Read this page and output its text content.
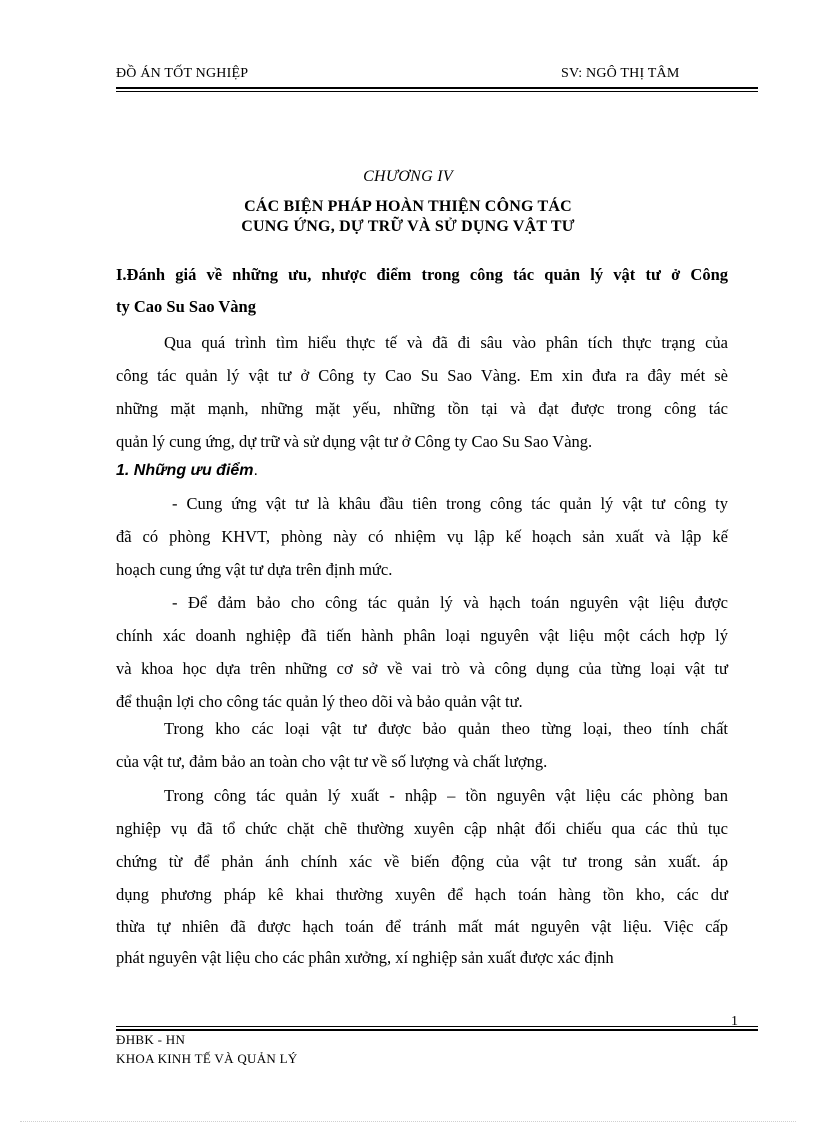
ĐỒ ÁN TỐT NGHIỆP	SV: NGÔ THỊ TÂM
CHƯƠNG IV
CÁC BIỆN PHÁP HOÀN THIỆN CÔNG TÁC
CUNG ỨNG, DỰ TRỮ VÀ SỬ DỤNG VẬT TƯ
I.Đánh giá về những ưu, nhược điểm trong công tác quản lý vật tư ở Công
ty Cao Su Sao Vàng
Qua quá trình tìm hiểu thực tế và đã đi sâu vào phân tích thực trạng của
công tác quản lý vật tư ở Công ty Cao Su Sao Vàng. Em xin đưa ra đây mét sè
những mặt mạnh, những mặt yếu, những tồn tại và đạt được trong công tác
quản lý cung ứng, dự trữ và sử dụng vật tư ở Công ty Cao Su Sao Vàng.
1. Những ưu điểm.
- Cung ứng vật tư là khâu đầu tiên trong công tác quản lý vật tư công ty
đã có phòng KHVT, phòng này có nhiệm vụ lập kế hoạch sản xuất và lập kế
hoạch cung ứng vật tư dựa trên định mức.
- Để đảm bảo cho công tác quản lý và hạch toán nguyên vật liệu được
chính xác doanh nghiệp đã tiến hành phân loại nguyên vật liệu một cách hợp lý
và khoa học dựa trên những cơ sở về vai trò và công dụng của từng loại vật tư
để thuận lợi cho công tác quản lý theo dõi và bảo quản vật tư.
Trong kho các loại vật tư được bảo quản theo từng loại, theo tính chất
của vật tư, đảm bảo an toàn cho vật tư về số lượng và chất lượng.
Trong công tác quản lý xuất - nhập – tồn nguyên vật liệu các phòng ban
nghiệp vụ đã tổ chức chặt chẽ thường xuyên cập nhật đối chiếu qua các thủ tục
chứng từ để phản ánh chính xác về biến động của vật tư trong sản xuất. áp
dụng phương pháp kê khai thường xuyên để hạch toán hàng tồn kho, các dư
thừa tự nhiên đã được hạch toán để tránh mất mát nguyên vật liệu. Việc cấp
phát nguyên vật liệu cho các phân xưởng, xí nghiệp sản xuất được xác định
1
ĐHBK - HN
KHOA KINH TẾ VÀ QUẢN LÝ
